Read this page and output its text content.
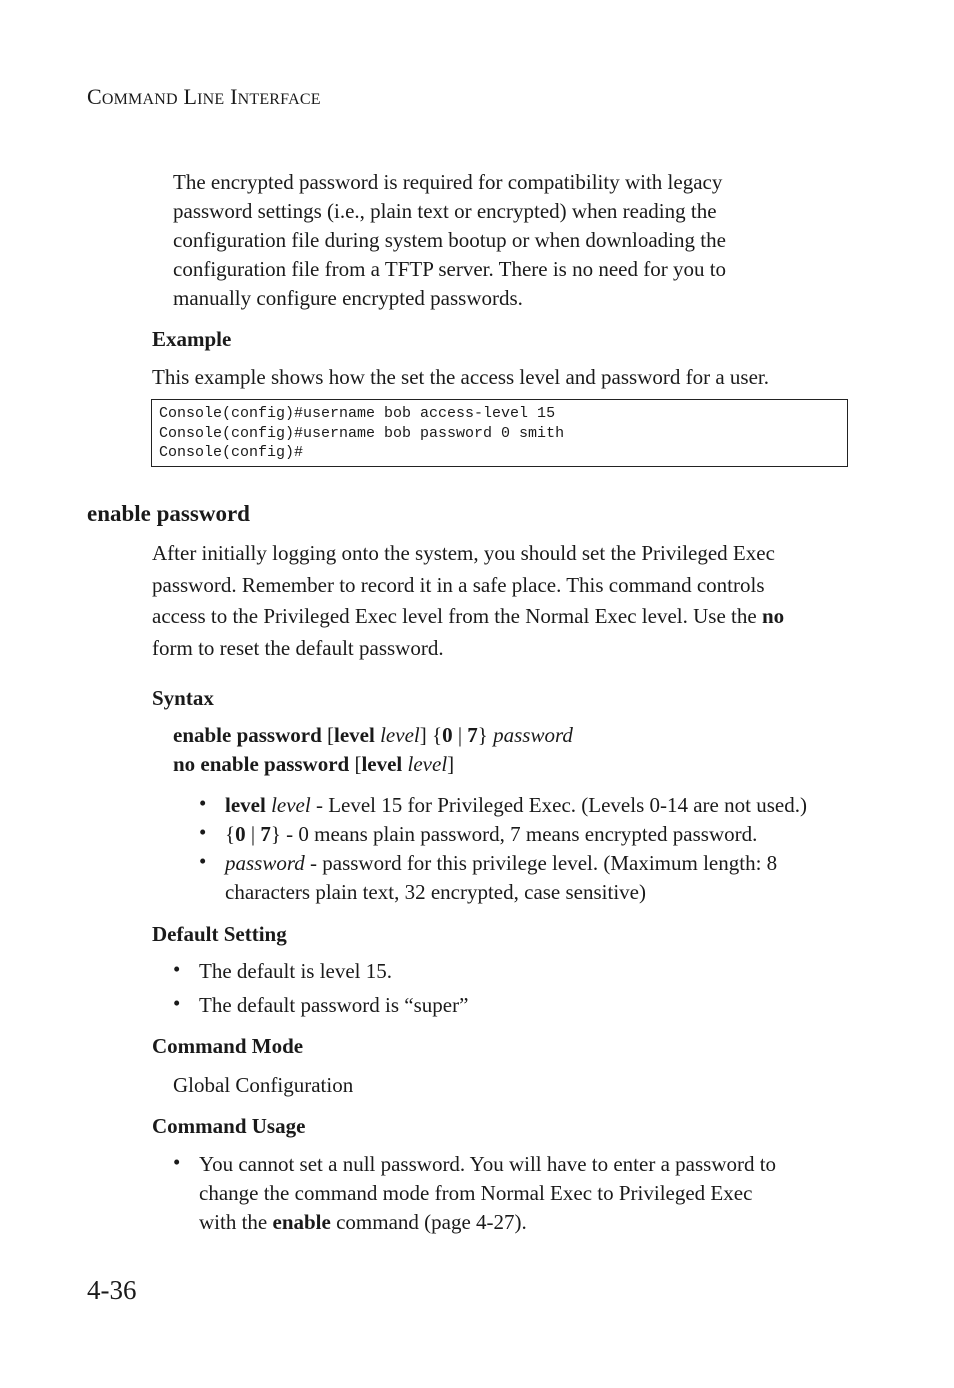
COMMAND LINE INTERFACE
The encrypted password is required for compatibility with legacy
password settings (i.e., plain text or encrypted) when reading the
configuration file during system bootup or when downloading the
configuration file from a TFTP server. There is no need for you to
manually configure encrypted passwords.
Example
This example shows how the set the access level and password for a user.
Console(config)#username bob access-level 15
Console(config)#username bob password 0 smith
Console(config)#
enable password
After initially logging onto the system, you should set the Privileged Exec
password. Remember to record it in a safe place. This command controls
access to the Privileged Exec level from the Normal Exec level. Use the no
form to reset the default password.
Syntax
enable password [level level] {0 | 7} password
no enable password [level level]
• level level - Level 15 for Privileged Exec. (Levels 0-14 are not used.)
• {0 | 7} - 0 means plain password, 7 means encrypted password.
• password - password for this privilege level. (Maximum length: 8
characters plain text, 32 encrypted, case sensitive)
Default Setting
• The default is level 15.
• The default password is “super”
Command Mode
Global Configuration
Command Usage
• You cannot set a null password. You will have to enter a password to
change the command mode from Normal Exec to Privileged Exec
with the enable command (page 4-27).
4-36
